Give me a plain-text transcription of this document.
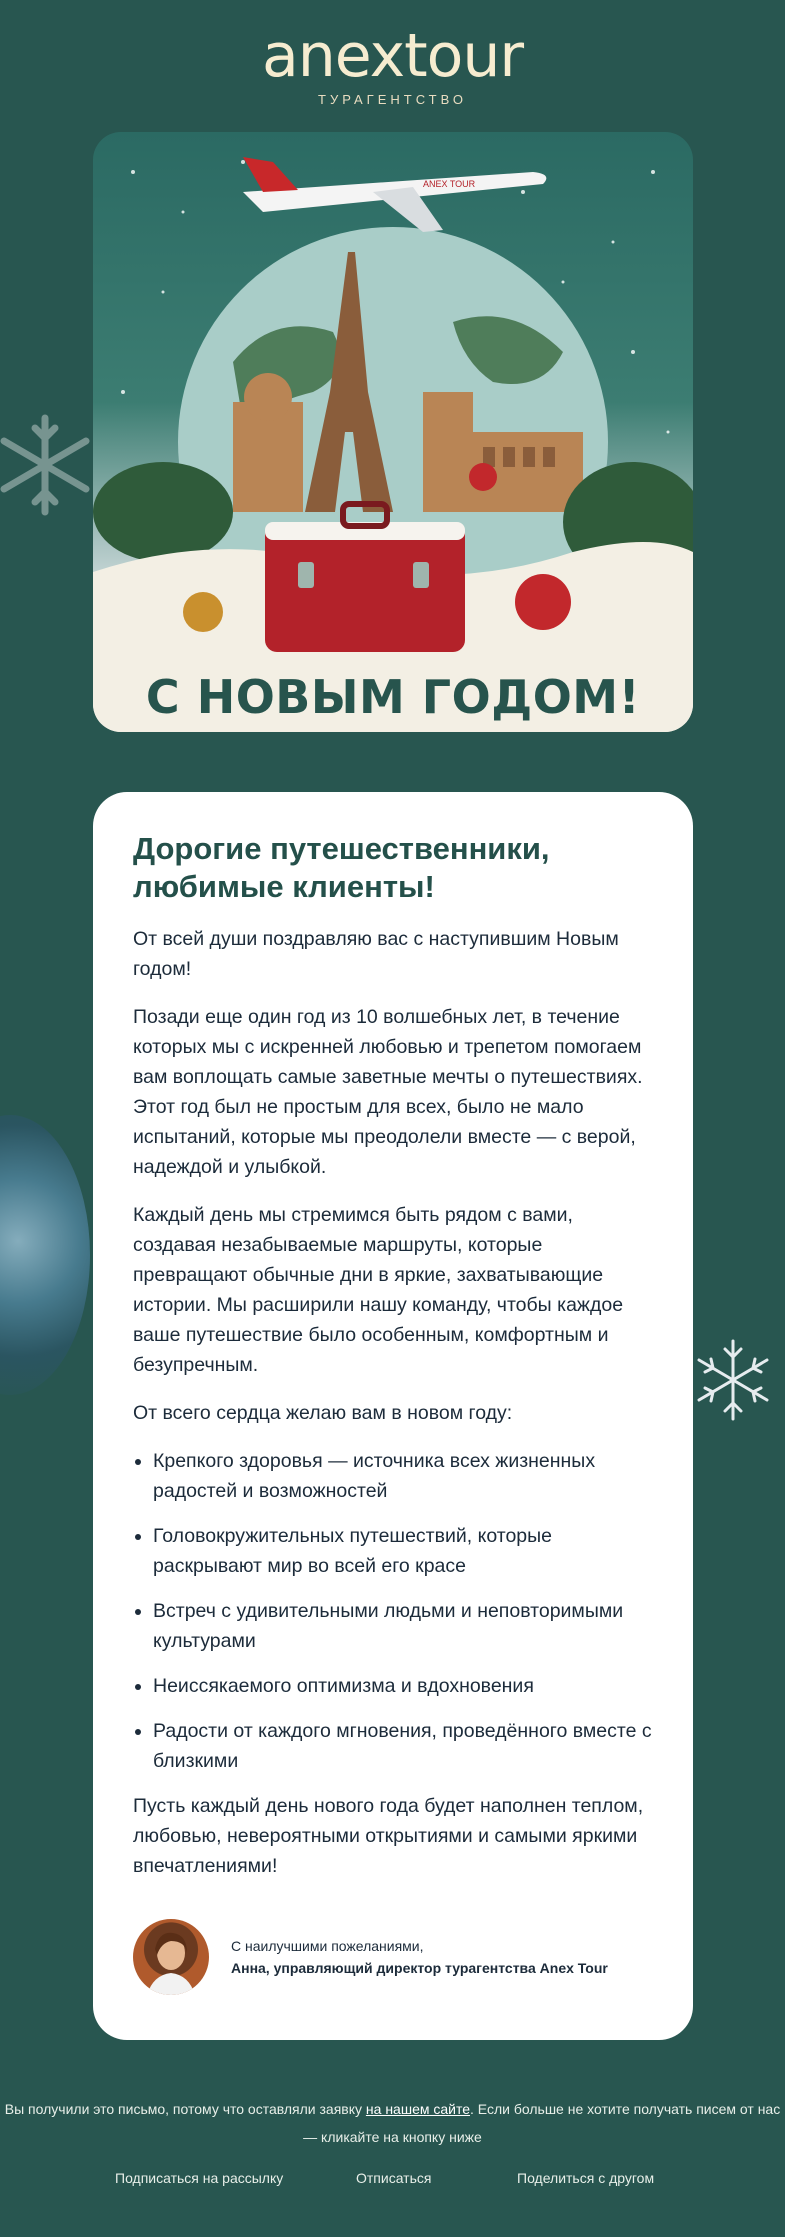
anextour
ТУРАГЕНТСТВО
ANEX TOUR
С НОВЫМ ГОДОМ!
Дорогие путешественники, любимые клиенты!

От всей души поздравляю вас с наступившим Новым годом!

Позади еще один год из 10 волшебных лет, в течение которых мы с искренней любовью и трепетом помогаем вам воплощать самые заветные мечты о путешествиях. Этот год был не простым для всех, было не мало испытаний, которые мы преодолели вместе — с верой, надеждой и улыбкой.

Каждый день мы стремимся быть рядом с вами, создавая незабываемые маршруты, которые превращают обычные дни в яркие, захватывающие истории. Мы расширили нашу команду, чтобы каждое ваше путешествие было особенным, комфортным и безупречным.

От всего сердца желаю вам в новом году:

• Крепкого здоровья — источника всех жизненных радостей и возможностей
• Головокружительных путешествий, которые раскрывают мир во всей его красе
• Встреч с удивительными людьми и неповторимыми культурами
• Неиссякаемого оптимизма и вдохновения
• Радости от каждого мгновения, проведённого вместе с близкими

Пусть каждый день нового года будет наполнен теплом, любовью, невероятными открытиями и самыми яркими впечатлениями!

С наилучшими пожеланиями,
Анна, управляющий директор турагентства Anex Tour
Вы получили это письмо, потому что оставляли заявку на нашем сайте. Если больше не хотите получать писем от нас — кликайте на кнопку ниже
Подписаться на рассылку	Отписаться	Поделиться с другом
